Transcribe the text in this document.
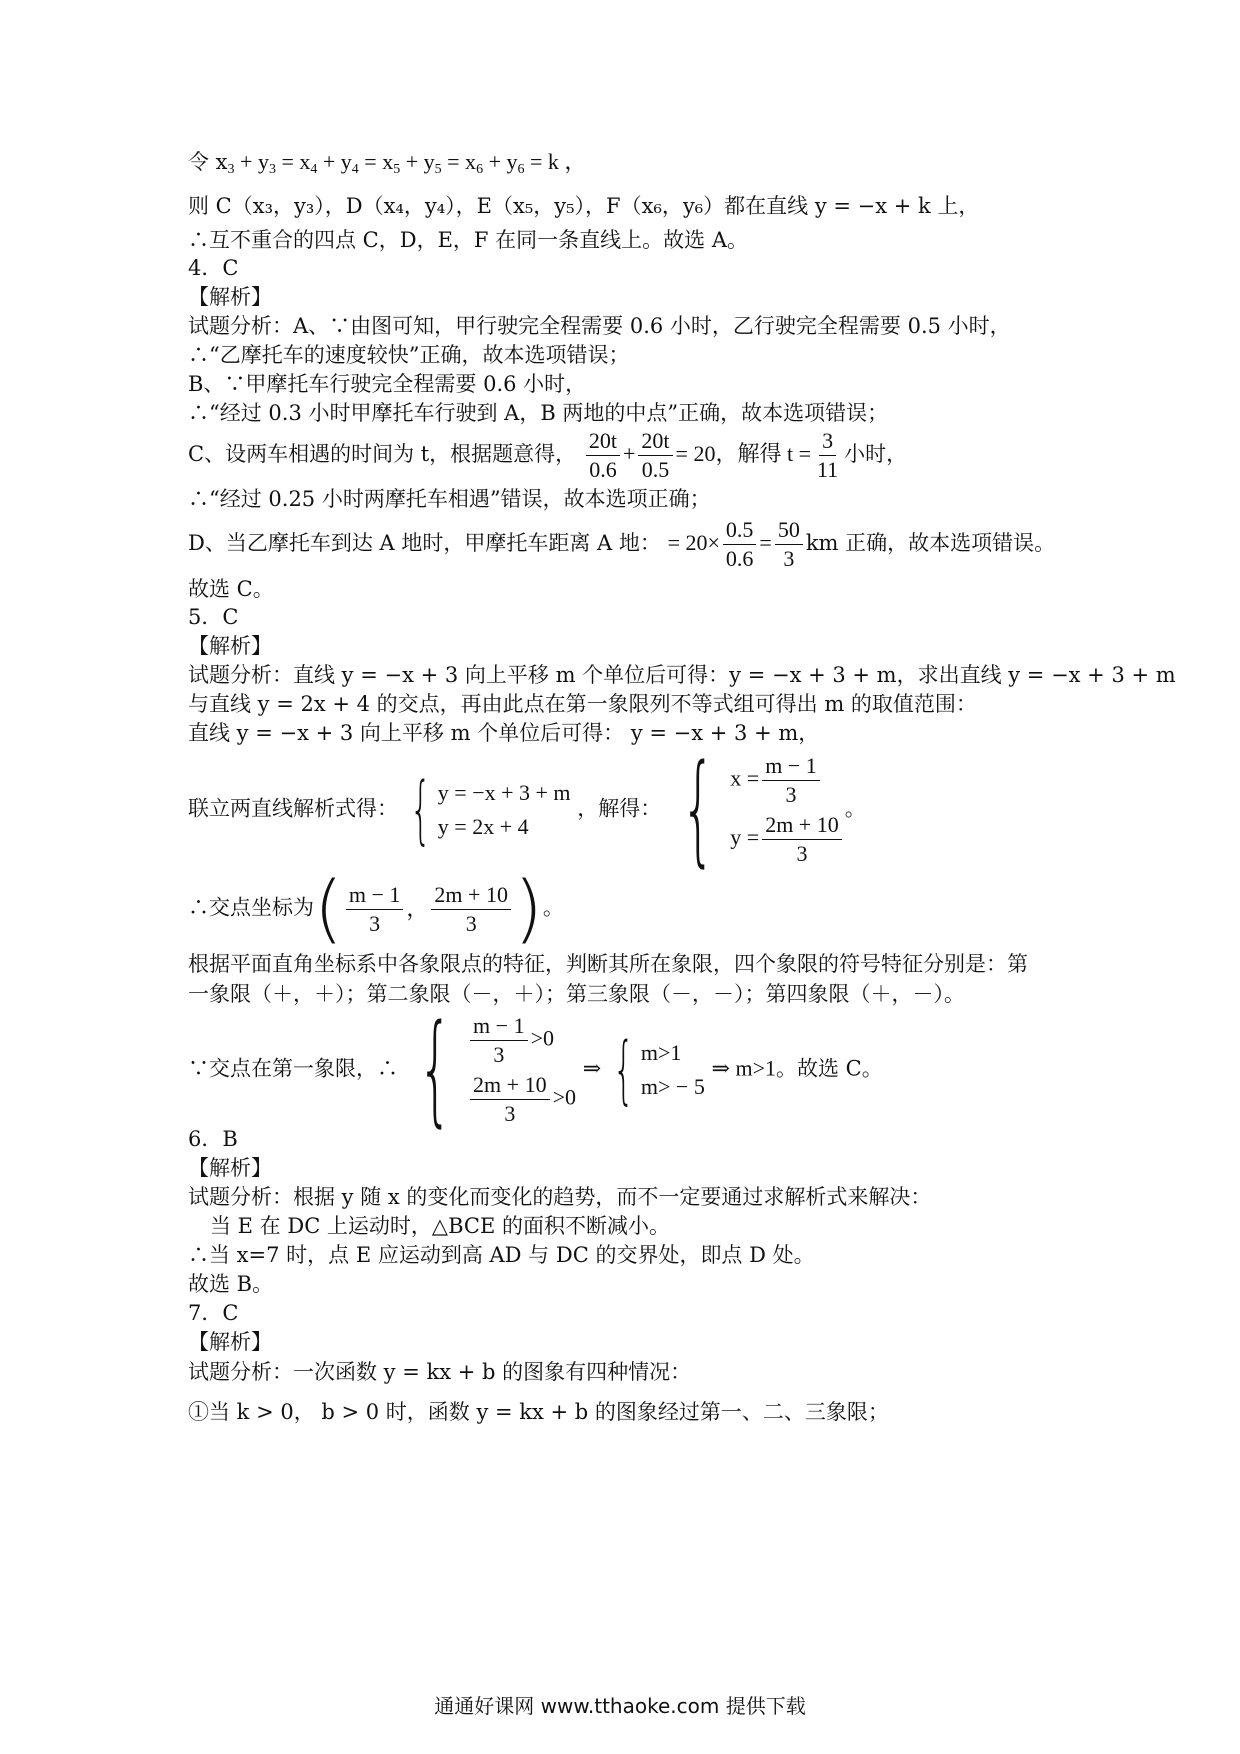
令 $x_3 + y_3 = x_4 + y_4 = x_5 + y_5 = x_6 + y_6 = k$ ，
则 C（x₃，y₃），D（x₄，y₄），E（x₅，y₅），F（x₆，y₆）都在直线 y = −x + k 上，
∴互不重合的四点 C，D，E，F 在同一条直线上。故选 A。
4．C
【解析】
试题分析：A、∵由图可知，甲行驶完全程需要 0.6 小时，乙行驶完全程需要 0.5 小时，
∴“乙摩托车的速度较快”正确，故本选项错误；
B、∵甲摩托车行驶完全程需要 0.6 小时，
∴“经过 0.3 小时甲摩托车行驶到 A，B 两地的中点”正确，故本选项错误；
C、设两车相遇的时间为 t，根据题意得， $\frac{20t}{0.6} + \frac{20t}{0.5} = 20$，解得 $t = \frac{3}{11}$ 小时，
∴“经过 0.25 小时两摩托车相遇”错误，故本选项正确；
D、当乙摩托车到达 A 地时，甲摩托车距离 A 地： = $20\times \frac{0.5}{0.6} = \frac{50}{3}$ km 正确，故本选项错误。
故选 C。
5．C
【解析】
试题分析：直线 y = −x + 3 向上平移 m 个单位后可得：y = −x + 3 + m，求出直线 y = −x + 3 + m
与直线 y = 2x + 4 的交点，再由此点在第一象限列不等式组可得出 m 的取值范围：
直线 y = −x + 3 向上平移 m 个单位后可得： y = −x + 3 + m，
联立两直线解析式得： { y = −x + 3 + m
y = 2x + 4
，解得： { $x = \frac{m - 1}{3}$
$y = \frac{2m + 10}{3}$
。
∴交点坐标为 ( $\frac{m - 1}{3}$ ， $\frac{2m + 10}{3}$ ) 。
根据平面直角坐标系中各象限点的特征，判断其所在象限，四个象限的符号特征分别是：第
一象限（＋，＋）；第二象限（－，＋）；第三象限（－，－）；第四象限（＋，－）。
∵交点在第一象限，∴ { $\frac{m - 1}{3} >0$
$\frac{2m + 10}{3} >0$
⇒ { m>1
m> − 5
⇒ m>1。故选 C。
6．B
【解析】
试题分析：根据 y 随 x 的变化而变化的趋势，而不一定要通过求解析式来解决：
当 E 在 DC 上运动时，△BCE 的面积不断减小。
∴当 x=7 时，点 E 应运动到高 AD 与 DC 的交界处，即点 D 处。
故选 B。
7．C
【解析】
试题分析：一次函数 y = kx + b 的图象有四种情况：
①当 k > 0， b > 0 时，函数 y = kx + b 的图象经过第一、二、三象限；
通通好课网 www.tthaoke.com 提供下载
